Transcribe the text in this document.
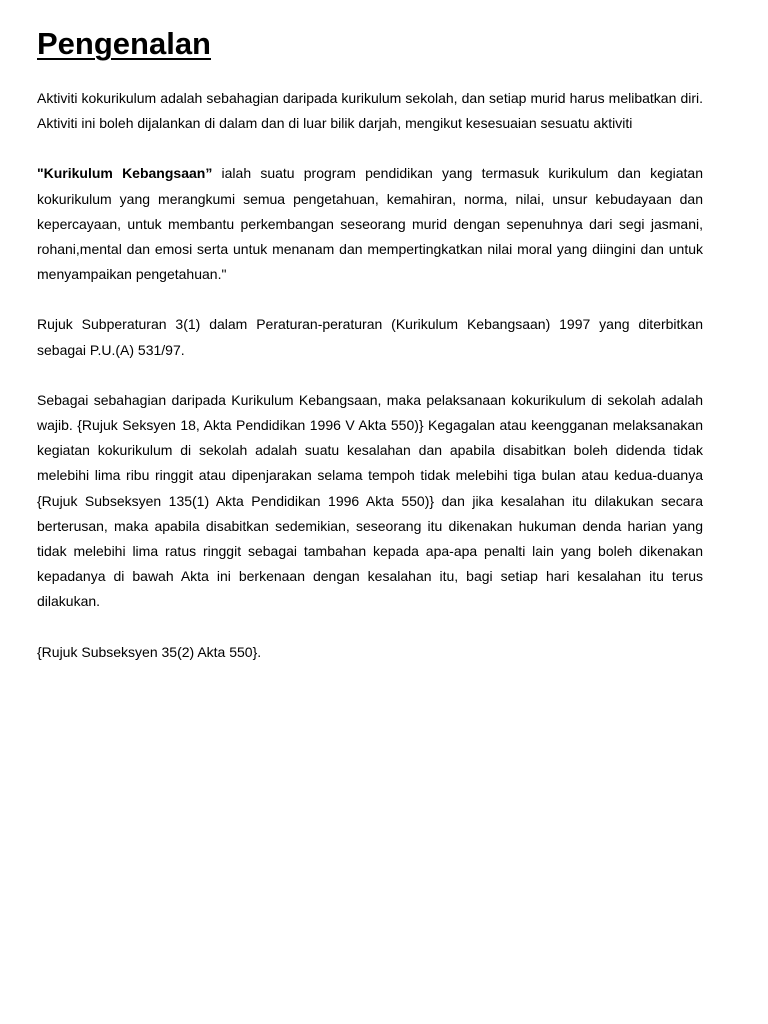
Pengenalan

Aktiviti kokurikulum adalah sebahagian daripada kurikulum sekolah, dan setiap murid harus melibatkan diri. Aktiviti ini boleh dijalankan di dalam dan di luar bilik darjah, mengikut kesesuaian sesuatu aktiviti

"Kurikulum Kebangsaan” ialah suatu program pendidikan yang termasuk kurikulum dan kegiatan kokurikulum yang merangkumi semua pengetahuan, kemahiran, norma, nilai, unsur kebudayaan dan kepercayaan, untuk membantu perkembangan seseorang murid dengan sepenuhnya dari segi jasmani, rohani,mental dan emosi serta untuk menanam dan mempertingkatkan nilai moral yang diingini dan untuk menyampaikan pengetahuan."

Rujuk Subperaturan 3(1) dalam Peraturan-peraturan (Kurikulum Kebangsaan) 1997 yang diterbitkan sebagai P.U.(A) 531/97.

Sebagai sebahagian daripada Kurikulum Kebangsaan, maka pelaksanaan kokurikulum di sekolah adalah wajib. {Rujuk Seksyen 18, Akta Pendidikan 1996 V Akta 550)} Kegagalan atau keengganan melaksanakan kegiatan kokurikulum di sekolah adalah suatu kesalahan dan apabila disabitkan boleh didenda tidak melebihi lima ribu ringgit atau dipenjarakan selama tempoh tidak melebihi tiga bulan atau kedua-duanya {Rujuk Subseksyen 135(1) Akta Pendidikan 1996 Akta 550)} dan jika kesalahan itu dilakukan secara berterusan, maka apabila disabitkan sedemikian, seseorang itu dikenakan hukuman denda harian yang tidak melebihi lima ratus ringgit sebagai tambahan kepada apa-apa penalti lain yang boleh dikenakan kepadanya di bawah Akta ini berkenaan dengan kesalahan itu, bagi setiap hari kesalahan itu terus dilakukan.

{Rujuk Subseksyen 35(2) Akta 550}.
